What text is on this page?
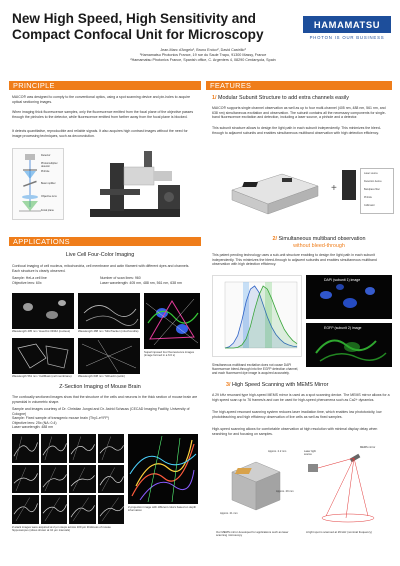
New High Speed, High Sensitivity and Compact Confocal Unit for Microscopy
HAMAMATSU
PHOTON IS OUR BUSINESS
Jean-Marc d'Angelo¹, Bruno Ercico², David Castrillo³
¹Hamamatsu Photonics France, 19 rue du Saule Trapu, 91300 Massy, France
²Hamamatsu Photonics France, Spanish office, C. Argenters 4, 08290 Cerdanyola, Spain
PRINCIPLE
MAICO® was designed to comply to the conventional optics, using a spot scanning device and pin-holes to acquire optical sectioning images.
When imaging thick fluorescence samples, only the fluorescence emitted from the focal plane of the objective passes through the pinholes to the detector, while fluorescence emitted from farther away from the focal plane is blocked.
It detects quantitative, reproducible and reliable signals. It also acquires high contrast images without the need for image processing techniques, such as deconvolution.
Detector
Photomultiplier detector
Pinhole
Beam splitter
Objective lens
Focal plane
FEATURES
1/ Modular Subunit Structure to add extra channels easily
MAICO® supports single channel observation as well as up to four multi-channel (405 nm, 488 nm, 561 nm, and 638 nm) simultaneous excitation and observation. The subunit contains all the necessary components for single-band fluorescence excitation and detection, including a laser source, a pinhole and a detector.
This subunit structure allows to design the light path in each subunit independently. This minimizes the bleed-through to adjacent subunits and enables simultaneous multiband observation with high detection efficiency.
+
Laser source
Detection device
Bandpass filter
Pinhole
Collimator
APPLICATIONS	2/ Simultaneous multiband observation
without bleed-through
This patent pending technology uses a sub-unit structure enabling to design the light path in each subunit independently. This minimizes the bleed-through to adjacent subunits and enables simultaneous multiband observation with high detection efficiency.
DAPI (subunit 1) image
EGFP (subunit 2) image
Simultaneous multiband excitation does not cause DAPI fluorescence bleed-through into the EGFP detection channel, and each fluorescent dye image is acquired accurately.
Live Cell Four-Color Imaging
Confocal imaging of cell nucleus, mitochondria, cell membrane and actin filament with different dyes and channels. Each structure is clearly observed.
Sample: HeLa cell line
Objective lens: 60x
Number of scan lines: 960
Laser wavelength: 405 nm, 488 nm, 561 nm, 638 nm
Wavelength 405 nm / Hoechst 33342 (nucleus)	Wavelength 488 nm / MitoTracker (mitochondria)
Wavelength 561 nm / CellMask (cell membrane)	Wavelength 638 nm / SiR-actin (actin)
Superimposed four fluorescence images (image formed in a 6.6 s)
Z-Section Imaging of Mouse Brain
The confocally sectioned images show that the structure of the cells and neurons in the thick section of mouse brain are pyramidal in volumetric shape.
Sample and images courtesy of Dr. Christian Jungst and Dr. Astrid Schauss (CECAD Imaging Facility, University of Cologne)
Sample: Fixed sample of transgenic mouse brain (Thy1-eYFP)
Objective lens: 25x (NA: 0.4)
Laser wavelength: 488 nm
Z-stack images were acquired at 2 µm steps across 100 µm thickness of mouse hippocampus (slices shown at 10 µm intervals)
Z-projection image with different colors based on depth information
3/ High Speed Scanning with MEMS Mirror
A 29 kHz resonant type high-speed MEMS mirror is used as a spot scanning device. The MEMS mirror allows for a high speed scan up to 76 frames/s and can be used for high-speed phenomena such as Ca2+ dynamics.
The high-speed resonant scanning system reduces laser irradiation time, which enables low phototoxicity, low photobleaching and high efficiency observation of live cells as well as fixed samples.
High-speed scanning allows for comfortable observation at high resolution with minimal display delay when searching for and focusing on samples.
Approx. 2.2 mm
Approx. 29 mm
Approx. 21 mm
MEMS mirror
Laser light source
Our MEMS mirror developed for applications such as laser scanning microscopy
A light spot is scanned at 29 kHz (nominal frequency)
